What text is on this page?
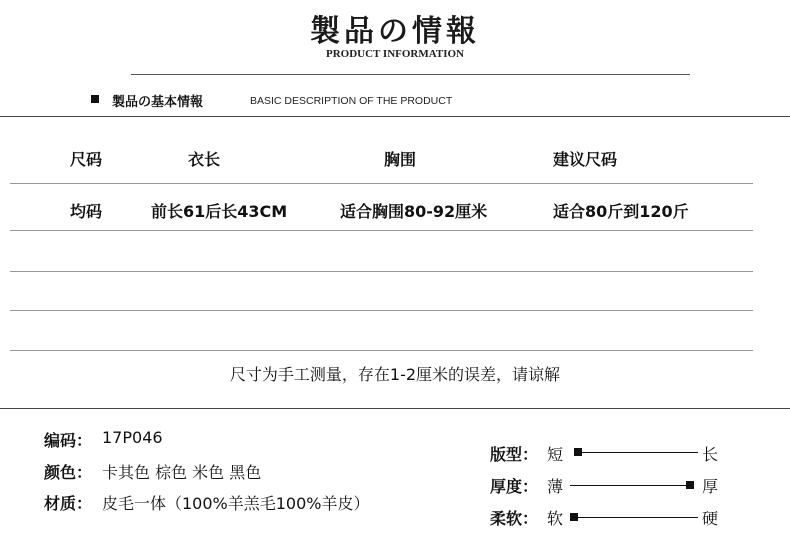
製品の情報
PRODUCT INFORMATION
製品の基本情報	BASIC DESCRIPTION OF THE PRODUCT
尺码	衣长	胸围	建议尺码
均码	前长61后长43CM	适合胸围80-92厘米	适合80斤到120斤
尺寸为手工测量，存在1-2厘米的误差，请谅解
编码： 17P046
颜色： 卡其色 棕色 米色 黑色
材质： 皮毛一体（100%羊羔毛100%羊皮）
版型： 短	长
厚度： 薄	厚
柔软： 软	硬
